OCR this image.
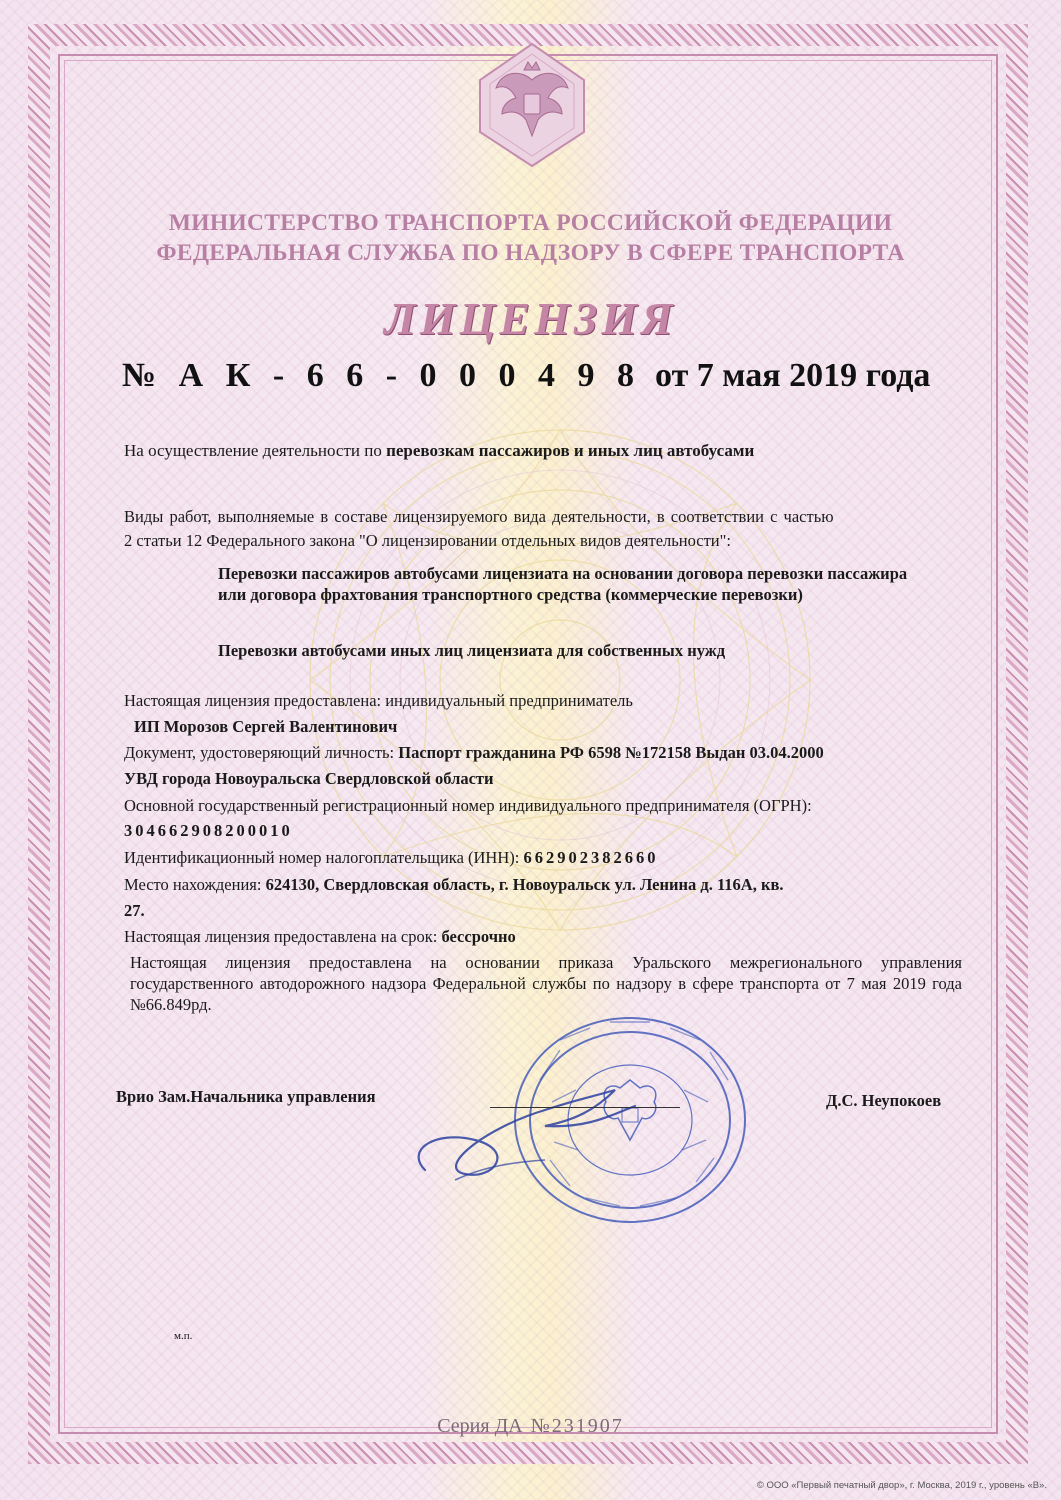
МИНИСТЕРСТВО ТРАНСПОРТА РОССИЙСКОЙ ФЕДЕРАЦИИ
ФЕДЕРАЛЬНАЯ СЛУЖБА ПО НАДЗОРУ В СФЕРЕ ТРАНСПОРТА
ЛИЦЕНЗИЯ
№ А К - 6 6 - 0 0 0 4 9 8 от 7 мая 2019 года
На осуществление деятельности по перевозкам пассажиров и иных лиц автобусами
Виды работ, выполняемые в составе лицензируемого вида деятельности, в соответствии с частью
2 статьи 12 Федерального закона "О лицензировании отдельных видов деятельности":
Перевозки пассажиров автобусами лицензиата на основании договора перевозки пассажира или договора фрахтования транспортного средства (коммерческие перевозки)
Перевозки автобусами иных лиц лицензиата для собственных нужд
Настоящая лицензия предоставлена: индивидуальный предприниматель
ИП Морозов Сергей Валентинович
Документ, удостоверяющий личность: Паспорт гражданина РФ 6598 №172158 Выдан 03.04.2000
УВД города Новоуральска Свердловской области
Основной государственный регистрационный номер индивидуального предпринимателя (ОГРН):
304662908200010
Идентификационный номер налогоплательщика (ИНН): 662902382660
Место нахождения: 624130, Свердловская область, г. Новоуральск ул. Ленина д. 116А, кв.
27.
Настоящая лицензия предоставлена на срок: бессрочно
Настоящая лицензия предоставлена на основании приказа Уральского межрегионального управления государственного автодорожного надзора Федеральной службы по надзору в сфере транспорта от 7 мая 2019 года №66.849рд.
Врио Зам.Начальника управления	Д.С. Неупокоев
м.п.
Серия ДА №231907
© ООО «Первый печатный двор», г. Москва, 2019 г., уровень «В».
